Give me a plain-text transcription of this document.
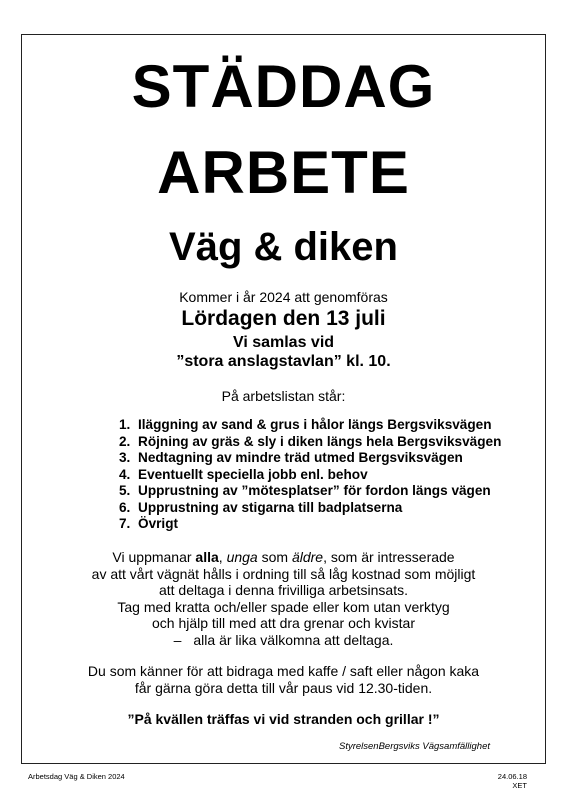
STÄDDAG
ARBETE
Väg & diken
Kommer i år 2024 att genomföras
Lördagen den 13 juli
Vi samlas vid
”stora anslagstavlan” kl. 10.
På arbetslistan står:
1. Iläggning av sand & grus i hålor längs Bergsviksvägen
2. Röjning av gräs & sly i diken längs hela Bergsviksvägen
3. Nedtagning av mindre träd utmed Bergsviksvägen
4. Eventuellt speciella jobb enl. behov
5. Upprustning av ”mötesplatser” för fordon längs vägen
6. Upprustning av stigarna till badplatserna
7. Övrigt
Vi uppmanar alla, unga som äldre, som är intresserade
av att vårt vägnät hålls i ordning till så låg kostnad som möjligt
att deltaga i denna frivilliga arbetsinsats.
Tag med kratta och/eller spade eller kom utan verktyg
och hjälp till med att dra grenar och kvistar
– alla är lika välkomna att deltaga.
Du som känner för att bidraga med kaffe / saft eller någon kaka
får gärna göra detta till vår paus vid 12.30-tiden.
”På kvällen träffas vi vid stranden och grillar !”
StyrelsenBergsviks Vägsamfällighet
Arbetsdag Väg & Diken 2024	24.06.18
XET
